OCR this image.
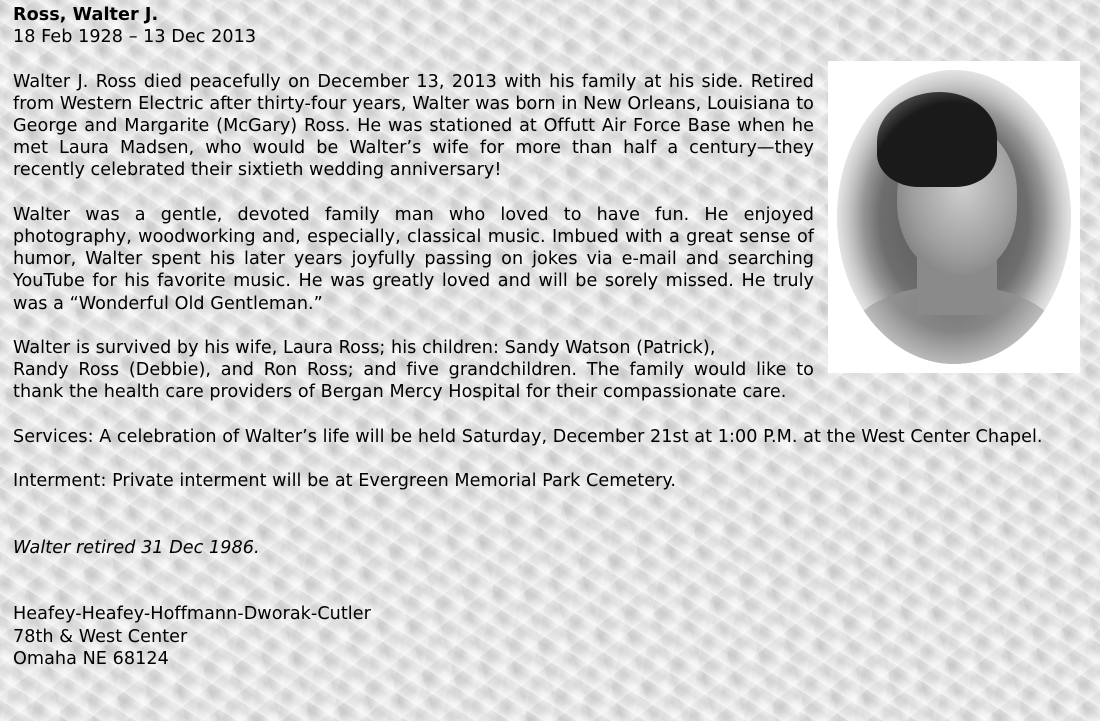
Ross, Walter J.
18 Feb 1928 – 13 Dec 2013

Walter J. Ross died peacefully on December 13, 2013 with his family at his side. Retired from Western Electric after thirty-four years, Walter was born in New Orleans, Louisiana to George and Margarite (McGary) Ross. He was stationed at Offutt Air Force Base when he met Laura Madsen, who would be Walter’s wife for more than half a century—they recently celebrated their sixtieth wedding anniversary!

Walter was a gentle, devoted family man who loved to have fun. He enjoyed photography, woodworking and, especially, classical music. Imbued with a great sense of humor, Walter spent his later years joyfully passing on jokes via e-mail and searching YouTube for his favorite music. He was greatly loved and will be sorely missed. He truly was a “Wonderful Old Gentleman.”

Walter is survived by his wife, Laura Ross; his children: Sandy Watson (Patrick),

Randy Ross (Debbie), and Ron Ross; and five grandchildren. The family would like to thank the health care providers of Bergan Mercy Hospital for their compassionate care.

Services: A celebration of Walter’s life will be held Saturday, December 21st at 1:00 P.M. at the West Center Chapel.

Interment: Private interment will be at Evergreen Memorial Park Cemetery.

Walter retired 31 Dec 1986.

Heafey-Heafey-Hoffmann-Dworak-Cutler
78th & West Center
Omaha NE 68124
